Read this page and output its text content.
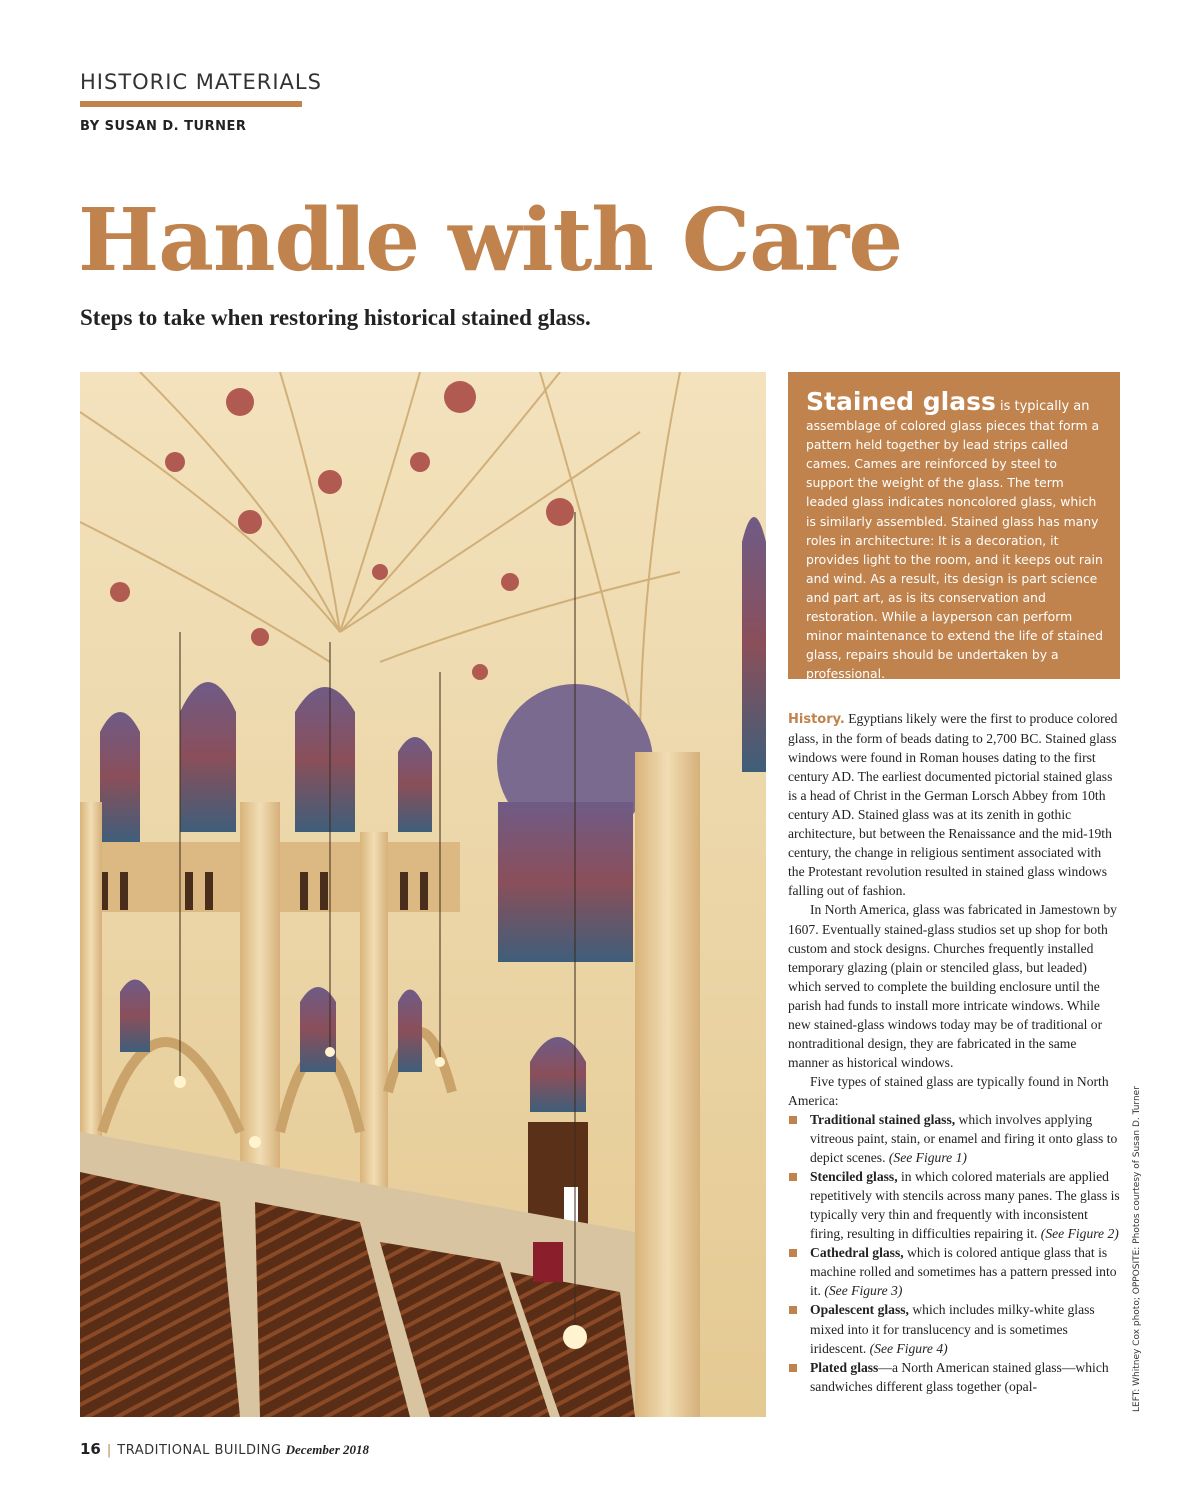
HISTORIC MATERIALS
BY SUSAN D. TURNER
Handle with Care
Steps to take when restoring historical stained glass.
Stained glass is typically an
assemblage of colored glass pieces that form a pattern held together by lead strips called cames. Cames are reinforced by steel to support the weight of the glass. The term leaded glass indicates noncolored glass, which is similarly assembled. Stained glass has many roles in architecture: It is a decoration, it provides light to the room, and it keeps out rain and wind. As a result, its design is part science and part art, as is its conservation and restoration. While a layperson can perform minor maintenance to extend the life of stained glass, repairs should be undertaken by a professional.

History. Egyptians likely were the first to produce colored glass, in the form of beads dating to 2,700 BC. Stained glass windows were found in Roman houses dating to the first century AD. The earliest documented pictorial stained glass is a head of Christ in the German Lorsch Abbey from 10th century AD. Stained glass was at its zenith in gothic architecture, but between the Renaissance and the mid-19th century, the change in religious sentiment associated with the Protestant revolution resulted in stained glass windows falling out of fashion.

In North America, glass was fabricated in Jamestown by 1607. Eventually stained-glass studios set up shop for both custom and stock designs. Churches frequently installed temporary glazing (plain or stenciled glass, but leaded) which served to complete the building enclosure until the parish had funds to install more intricate windows. While new stained-glass windows today may be of traditional or nontraditional design, they are fabricated in the same manner as historical windows.

Five types of stained glass are typically found in North America:

Traditional stained glass, which involves applying vitreous paint, stain, or enamel and firing it onto glass to depict scenes. (See Figure 1)
Stenciled glass, in which colored materials are applied repetitively with stencils across many panes. The glass is typically very thin and frequently with inconsistent firing, resulting in difficulties repairing it. (See Figure 2)
Cathedral glass, which is colored antique glass that is machine rolled and sometimes has a pattern pressed into it. (See Figure 3)
Opalescent glass, which includes milky-white glass mixed into it for translucency and is sometimes iridescent. (See Figure 4)
Plated glass—a North American stained glass—which sandwiches different glass together (opal-	LEFT: Whitney Cox photo; OPPOSITE: Photos courtesy of Susan D. Turner
16 | TRADITIONAL BUILDING December 2018
